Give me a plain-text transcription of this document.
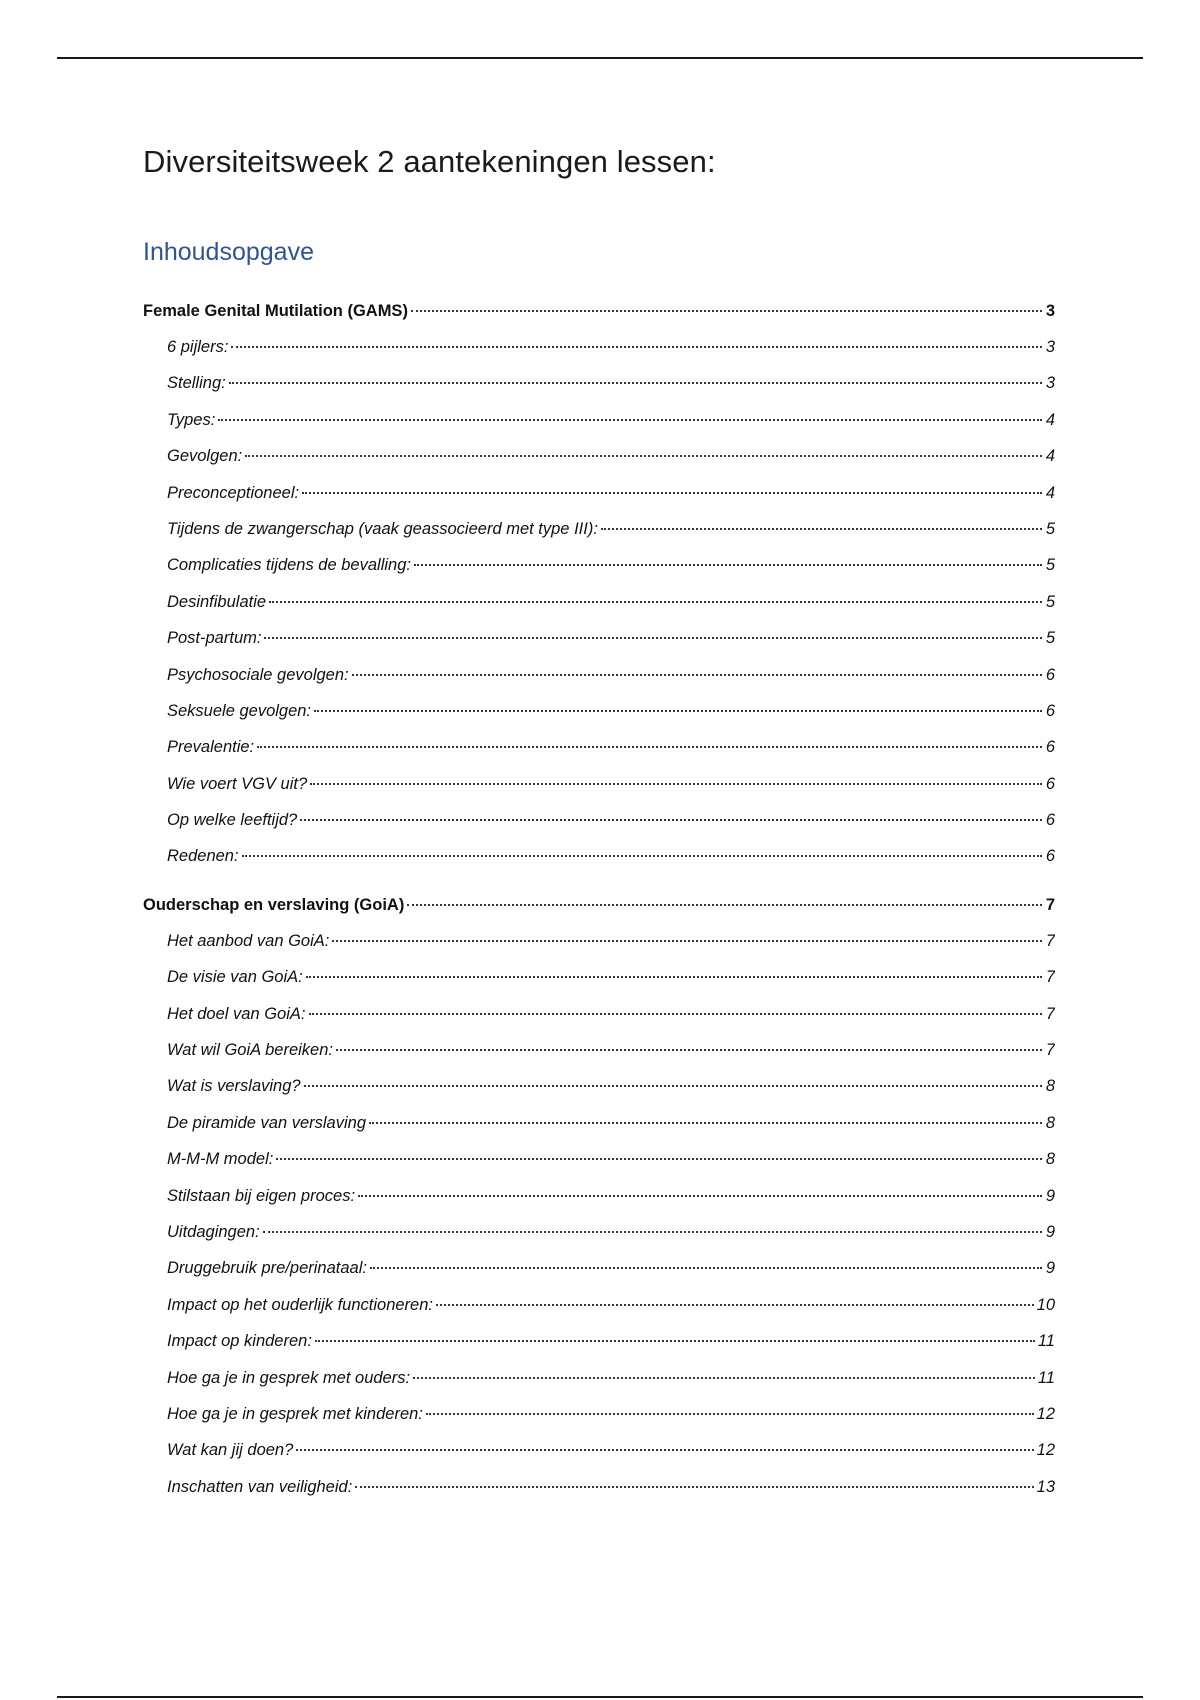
Diversiteitsweek 2 aantekeningen lessen:
Inhoudsopgave
Female Genital Mutilation (GAMS)	3
6 pijlers:	3
Stelling:	3
Types:	4
Gevolgen:	4
Preconceptioneel:	4
Tijdens de zwangerschap (vaak geassocieerd met type III):	5
Complicaties tijdens de bevalling:	5
Desinfibulatie	5
Post-partum:	5
Psychosociale gevolgen:	6
Seksuele gevolgen:	6
Prevalentie:	6
Wie voert VGV uit?	6
Op welke leeftijd?	6
Redenen:	6
Ouderschap en verslaving (GoiA)	7
Het aanbod van GoiA:	7
De visie van GoiA:	7
Het doel van GoiA:	7
Wat wil GoiA bereiken:	7
Wat is verslaving?	8
De piramide van verslaving	8
M-M-M model:	8
Stilstaan bij eigen proces:	9
Uitdagingen:	9
Druggebruik pre/perinataal:	9
Impact op het ouderlijk functioneren:	10
Impact op kinderen:	11
Hoe ga je in gesprek met ouders:	11
Hoe ga je in gesprek met kinderen:	12
Wat kan jij doen?	12
Inschatten van veiligheid:	13
